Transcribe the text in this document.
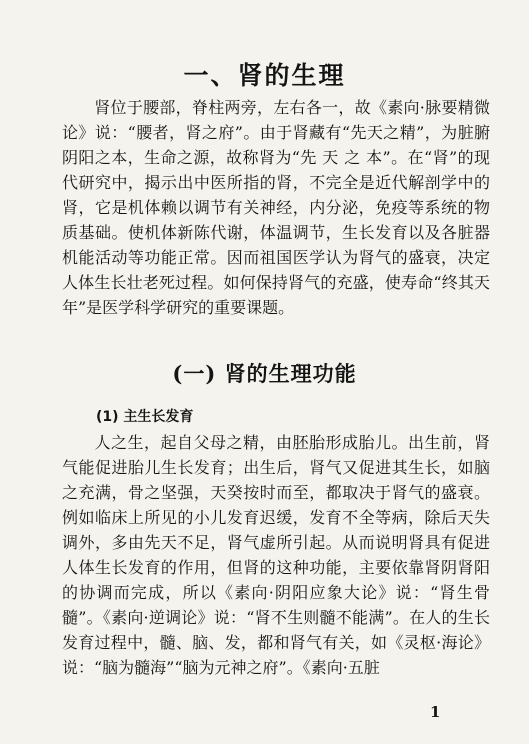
一、肾的生理

肾位于腰部，脊柱两旁，左右各一，故《素向·脉要精微论》说：“腰者，肾之府”。由于肾藏有“先天之精”，为脏腑阴阳之本，生命之源，故称肾为“先 天 之 本”。在“肾”的现代研究中，揭示出中医所指的肾，不完全是近代解剖学中的肾，它是机体赖以调节有关神经，内分泌，免疫等系统的物质基础。使机体新陈代谢，体温调节，生长发育以及各脏器机能活动等功能正常。因而祖国医学认为肾气的盛衰，决定人体生长壮老死过程。如何保持肾气的充盛，使寿命“终其天年”是医学科学研究的重要课题。

(一) 肾的生理功能
(1) 主生长发育

人之生，起自父母之精，由胚胎形成胎儿。出生前，肾气能促进胎儿生长发育；出生后，肾气又促进其生长，如脑之充满，骨之坚强，天癸按时而至，都取决于肾气的盛衰。例如临床上所见的小儿发育迟缓，发育不全等病，除后天失调外，多由先天不足，肾气虚所引起。从而说明肾具有促进人体生长发育的作用，但肾的这种功能，主要依靠肾阴肾阳的协调而完成，所以《素向·阴阳应象大论》说：“肾生骨髓”。《素向·逆调论》说：“肾不生则髓不能满”。在人的生长发育过程中，髓、脑、发，都和肾气有关，如《灵枢·海论》说：“脑为髓海”“脑为元神之府”。《素向·五脏

1
